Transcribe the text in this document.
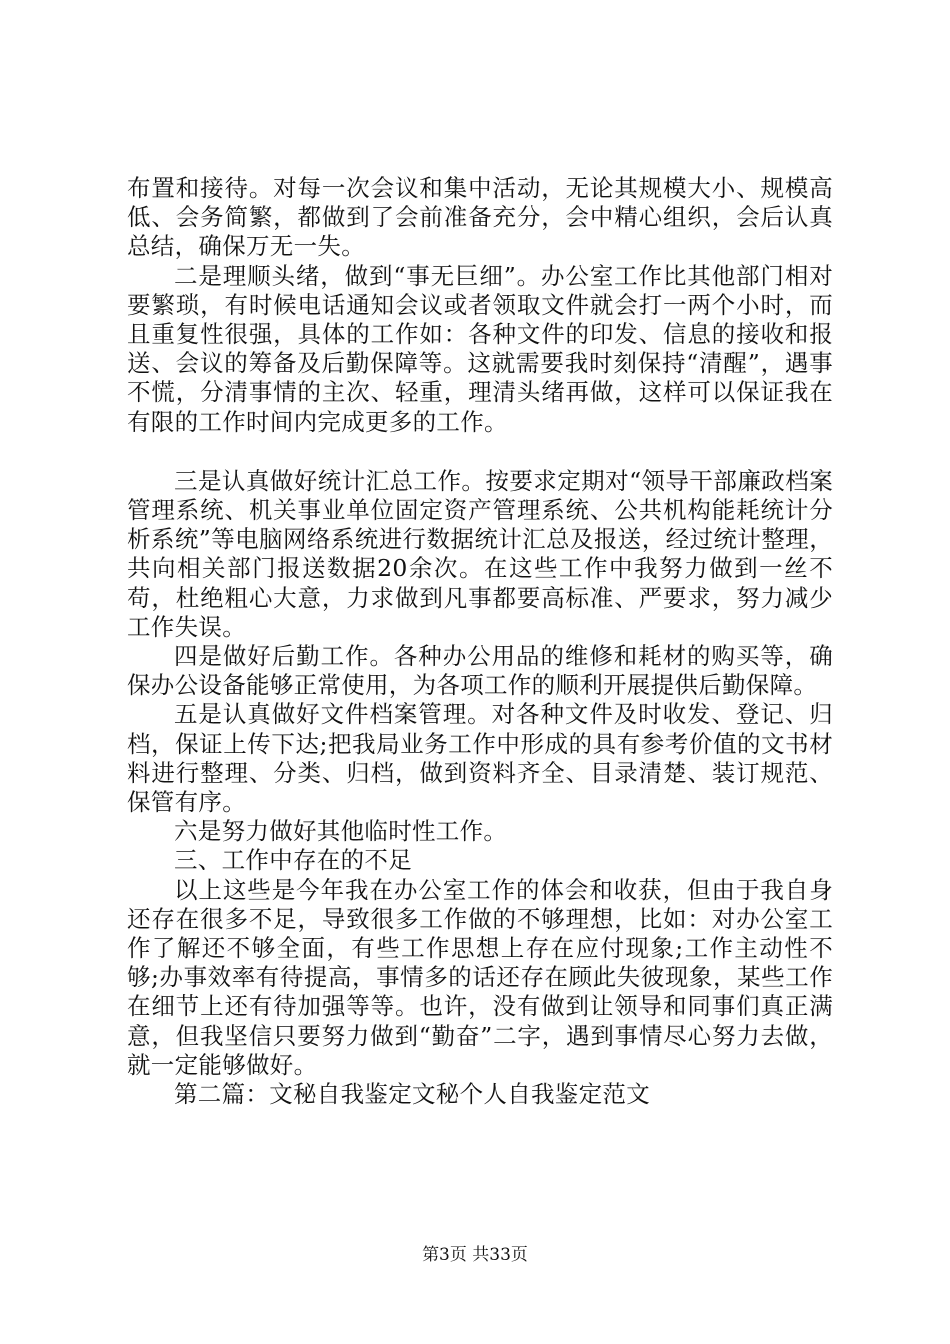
布置和接待。对每一次会议和集中活动，无论其规模大小、规模高低、会务简繁，都做到了会前准备充分，会中精心组织，会后认真总结，确保万无一失。

二是理顺头绪，做到“事无巨细”。办公室工作比其他部门相对要繁琐，有时候电话通知会议或者领取文件就会打一两个小时，而且重复性很强，具体的工作如：各种文件的印发、信息的接收和报送、会议的筹备及后勤保障等。这就需要我时刻保持“清醒”，遇事不慌，分清事情的主次、轻重，理清头绪再做，这样可以保证我在有限的工作时间内完成更多的工作。

三是认真做好统计汇总工作。按要求定期对“领导干部廉政档案管理系统、机关事业单位固定资产管理系统、公共机构能耗统计分析系统”等电脑网络系统进行数据统计汇总及报送，经过统计整理，共向相关部门报送数据20余次。在这些工作中我努力做到一丝不苟，杜绝粗心大意，力求做到凡事都要高标准、严要求，努力减少工作失误。

四是做好后勤工作。各种办公用品的维修和耗材的购买等，确保办公设备能够正常使用，为各项工作的顺利开展提供后勤保障。

五是认真做好文件档案管理。对各种文件及时收发、登记、归档，保证上传下达;把我局业务工作中形成的具有参考价值的文书材料进行整理、分类、归档，做到资料齐全、目录清楚、装订规范、保管有序。

六是努力做好其他临时性工作。

三、工作中存在的不足

以上这些是今年我在办公室工作的体会和收获，但由于我自身还存在很多不足，导致很多工作做的不够理想，比如：对办公室工作了解还不够全面，有些工作思想上存在应付现象;工作主动性不够;办事效率有待提高，事情多的话还存在顾此失彼现象，某些工作在细节上还有待加强等等。也许，没有做到让领导和同事们真正满意，但我坚信只要努力做到“勤奋”二字，遇到事情尽心努力去做，就一定能够做好。

第二篇：文秘自我鉴定文秘个人自我鉴定范文

第3页 共33页
